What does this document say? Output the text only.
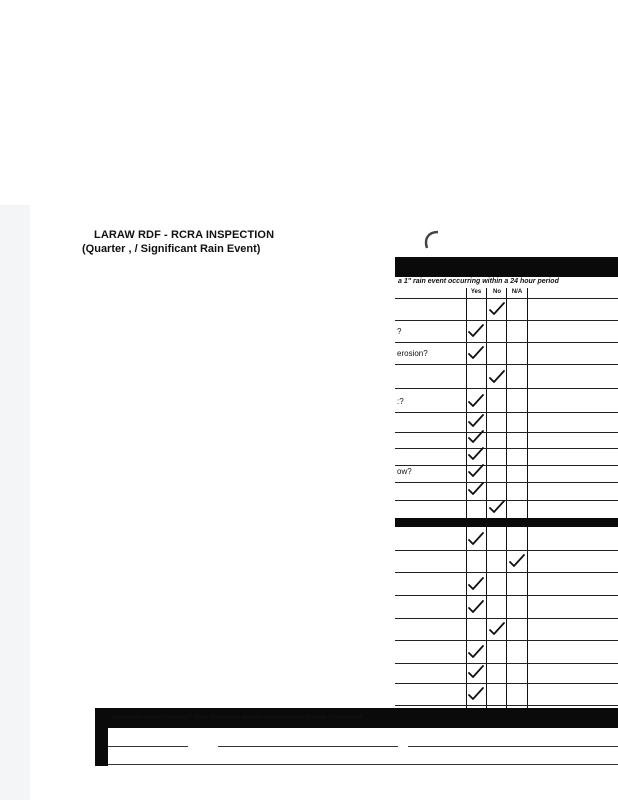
LARAW RDF - RCRA INSPECTION
(Quarter , / Significant Rain Event)
a 1" rain event occurring within a 24 hour period
Yes	No	N/A
?
erosion?
:?
ow?
Remedial Action Needed? Note Below the Action Performed and Date Completed:
